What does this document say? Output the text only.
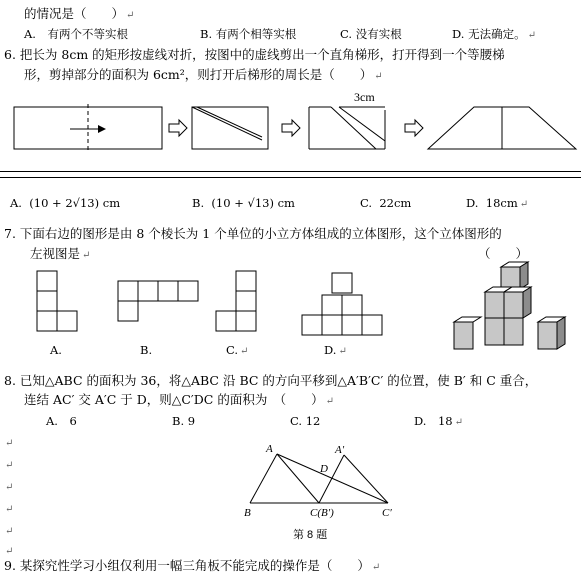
的情况是（　　） ↵
A.　有两个不等实根	B. 有两个相等实根	C. 没有实根	D. 无法确定。 ↵
6. 把长为 8cm 的矩形按虚线对折，按图中的虚线剪出一个直角梯形，打开得到一个等腰梯
形，剪掉部分的面积为 6cm²，则打开后梯形的周长是（　　） ↵
3cm
A. (10 + 2√13) cm	B. (10 + √13) cm	C. 22cm	D. 18cm ↵
7. 下面右边的图形是由 8 个棱长为 1 个单位的小立方体组成的立体图形，这个立体图形的
左视图是 ↵	（　　）
A.	B.	C. ↵	D. ↵
8. 已知△ABC 的面积为 36，将△ABC 沿 BC 的方向平移到△A′B′C′ 的位置，使 B′ 和 C 重合，
连结 AC′ 交 A′C 于 D，则△C′DC 的面积为　（　　） ↵
A.　6	B. 9	C. 12	D.　18 ↵
↵
↵
↵
↵
↵
↵
A	A′
D
B	C(B′)	C′
第 8 题
9. 某探究性学习小组仅利用一幅三角板不能完成的操作是（　　） ↵
